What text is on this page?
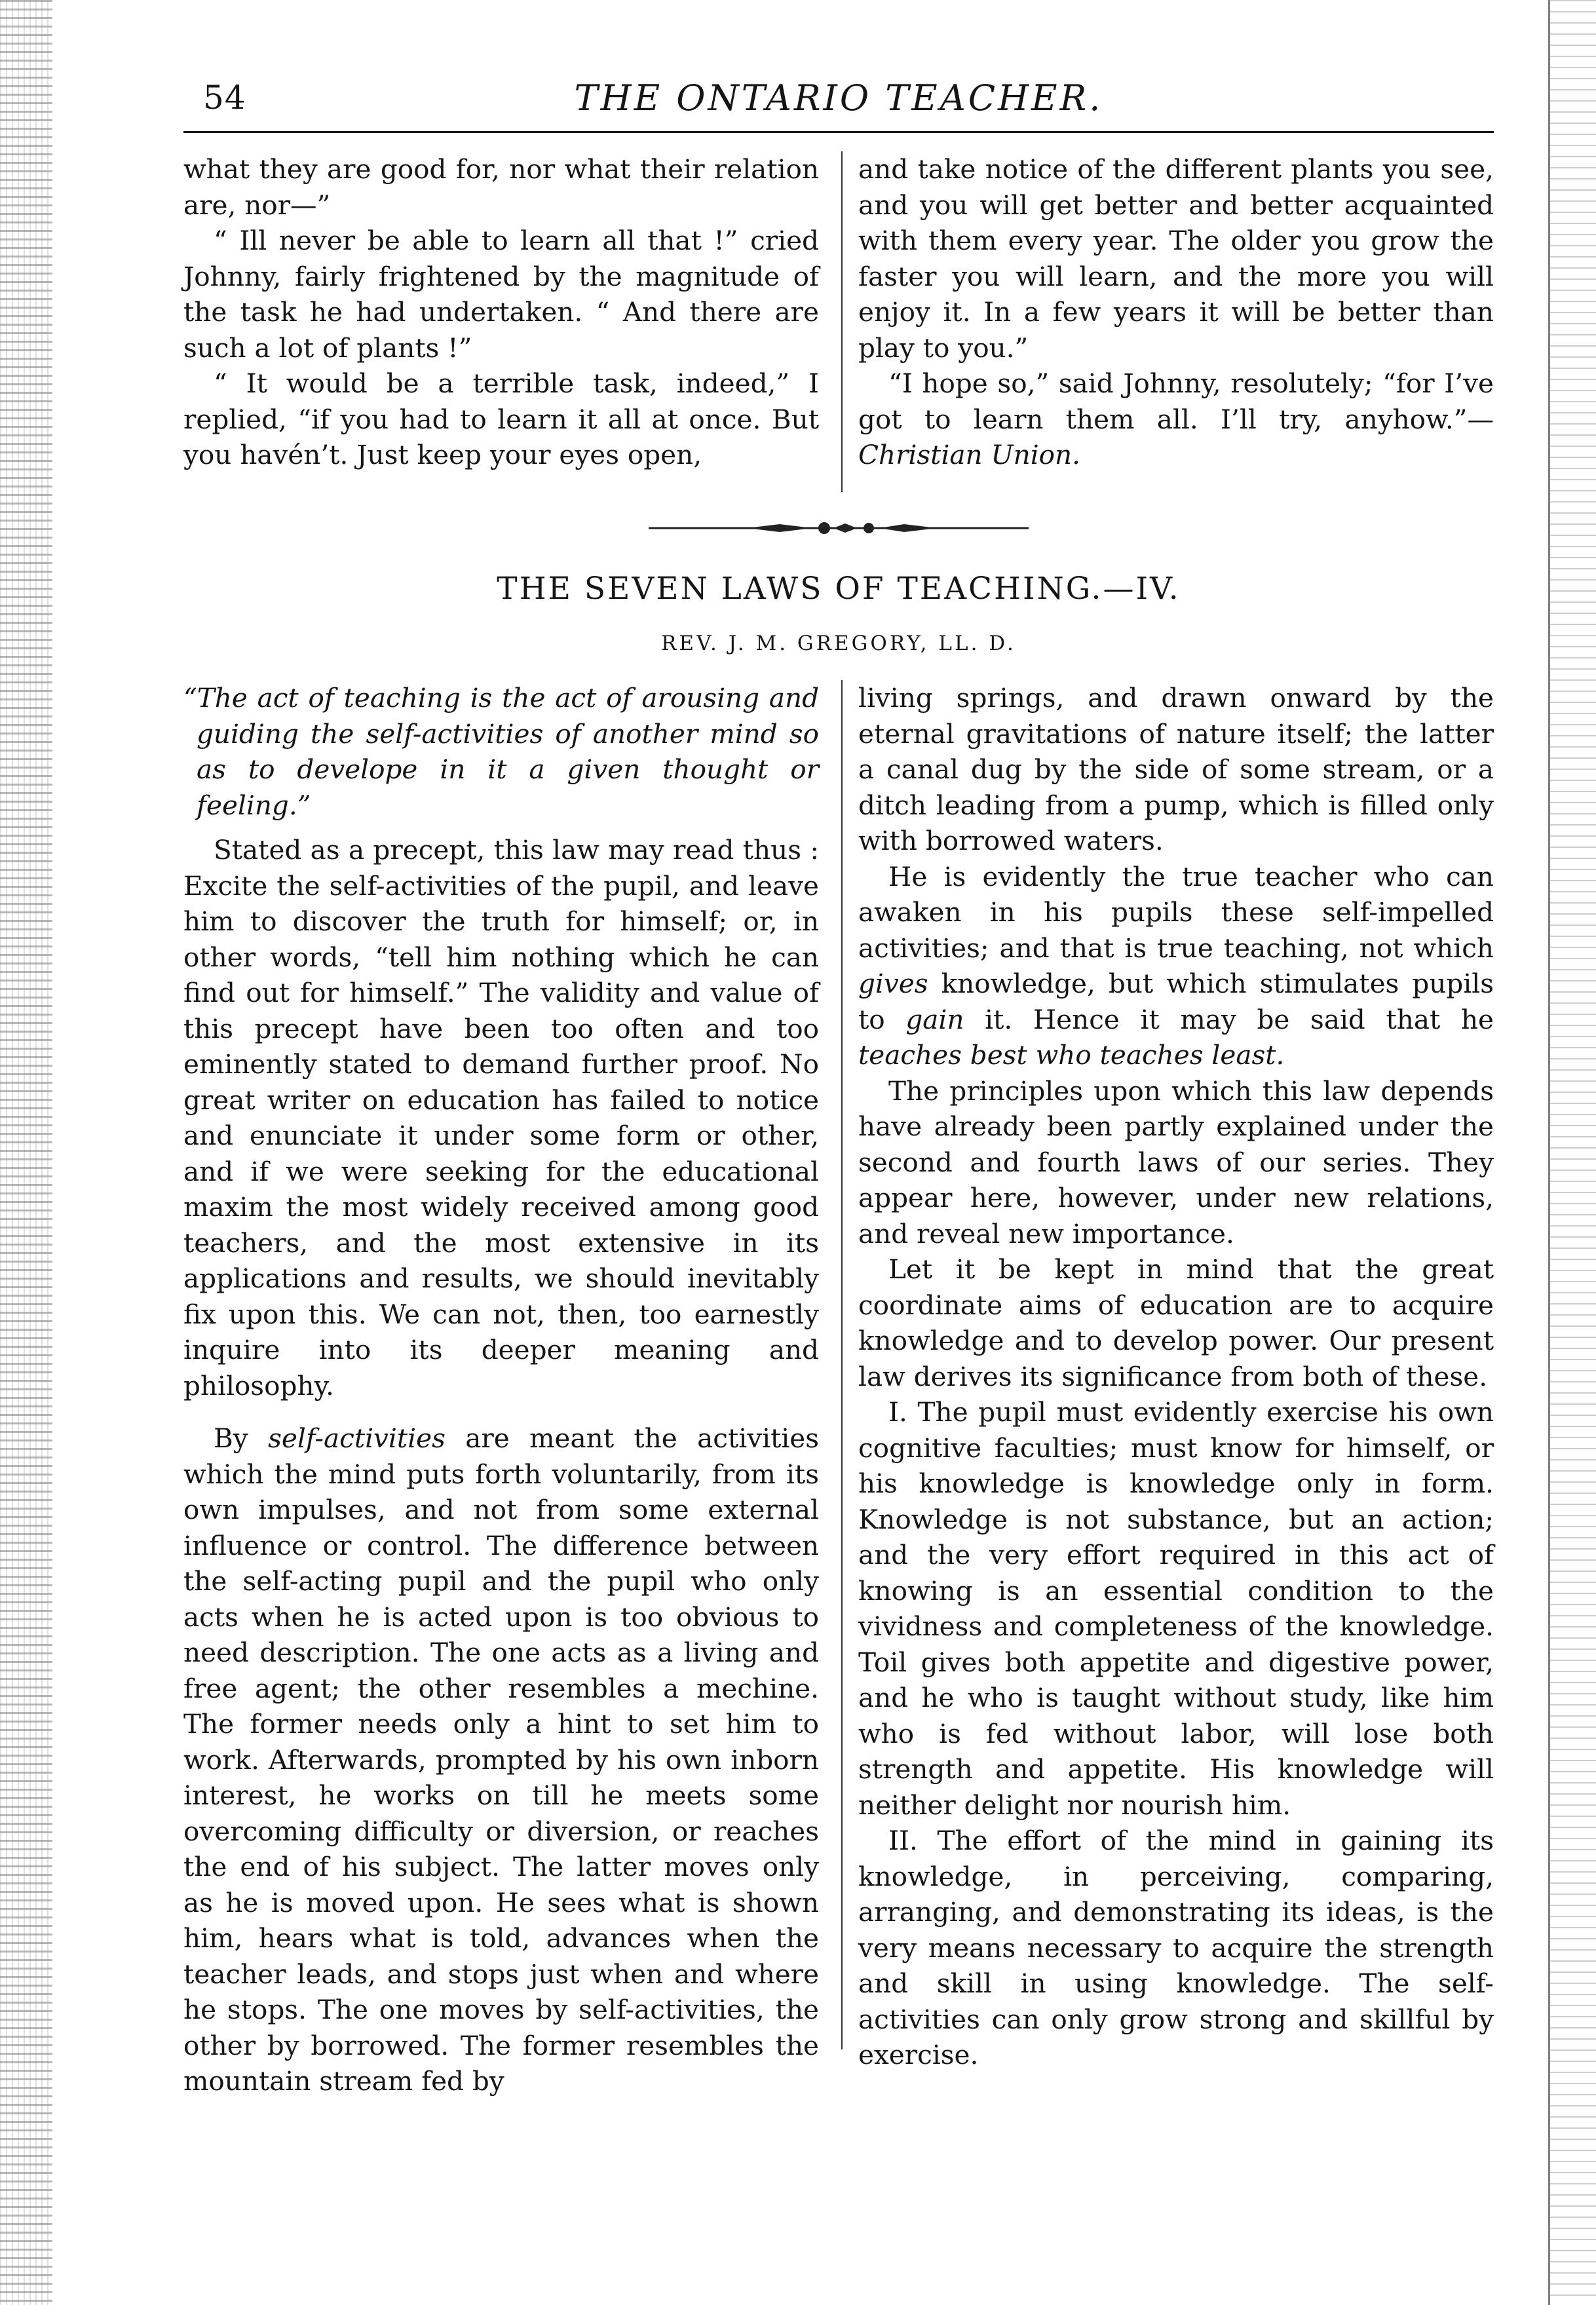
54	THE ONTARIO TEACHER.

what they are good for, nor what their relation are, nor—”

“ Ill never be able to learn all that !” cried Johnny, fairly frightened by the magnitude of the task he had undertaken. “ And there are such a lot of plants !”

“ It would be a terrible task, indeed,” I replied, “if you had to learn it all at once. But you havén’t. Just keep your eyes open,

and take notice of the different plants you see, and you will get better and better acquainted with them every year. The older you grow the faster you will learn, and the more you will enjoy it. In a few years it will be better than play to you.”

“I hope so,” said Johnny, resolutely; “for I’ve got to learn them all. I’ll try, anyhow.”—Christian Union.

THE SEVEN LAWS OF TEACHING.—IV.
REV. J. M. GREGORY, LL. D.

“The act of teaching is the act of arousing and guiding the self-activities of another mind so as to develope in it a given thought or feeling.”

Stated as a precept, this law may read thus : Excite the self-activities of the pupil, and leave him to discover the truth for himself; or, in other words, “tell him nothing which he can find out for himself.” The validity and value of this precept have been too often and too eminently stated to demand further proof. No great writer on education has failed to notice and enunciate it under some form or other, and if we were seeking for the educational maxim the most widely received among good teachers, and the most extensive in its applications and results, we should inevitably fix upon this. We can not, then, too earnestly inquire into its deeper meaning and philosophy.

By self-activities are meant the activities which the mind puts forth voluntarily, from its own impulses, and not from some external influence or control. The difference between the self-acting pupil and the pupil who only acts when he is acted upon is too obvious to need description. The one acts as a living and free agent; the other resembles a mechine. The former needs only a hint to set him to work. Afterwards, prompted by his own inborn interest, he works on till he meets some overcoming difficulty or diversion, or reaches the end of his subject. The latter moves only as he is moved upon. He sees what is shown him, hears what is told, advances when the teacher leads, and stops just when and where he stops. The one moves by self-activities, the other by borrowed. The former resembles the mountain stream fed by

living springs, and drawn onward by the eternal gravitations of nature itself; the latter a canal dug by the side of some stream, or a ditch leading from a pump, which is filled only with borrowed waters.

He is evidently the true teacher who can awaken in his pupils these self-impelled activities; and that is true teaching, not which gives knowledge, but which stimulates pupils to gain it. Hence it may be said that he teaches best who teaches least.

The principles upon which this law depends have already been partly explained under the second and fourth laws of our series. They appear here, however, under new relations, and reveal new importance.

Let it be kept in mind that the great coordinate aims of education are to acquire knowledge and to develop power. Our present law derives its significance from both of these.

I. The pupil must evidently exercise his own cognitive faculties; must know for himself, or his knowledge is knowledge only in form. Knowledge is not substance, but an action; and the very effort required in this act of knowing is an essential condition to the vividness and completeness of the knowledge. Toil gives both appetite and digestive power, and he who is taught without study, like him who is fed without labor, will lose both strength and appetite. His knowledge will neither delight nor nourish him.

II. The effort of the mind in gaining its knowledge, in perceiving, comparing, arranging, and demonstrating its ideas, is the very means necessary to acquire the strength and skill in using knowledge. The self-activities can only grow strong and skillful by exercise.
